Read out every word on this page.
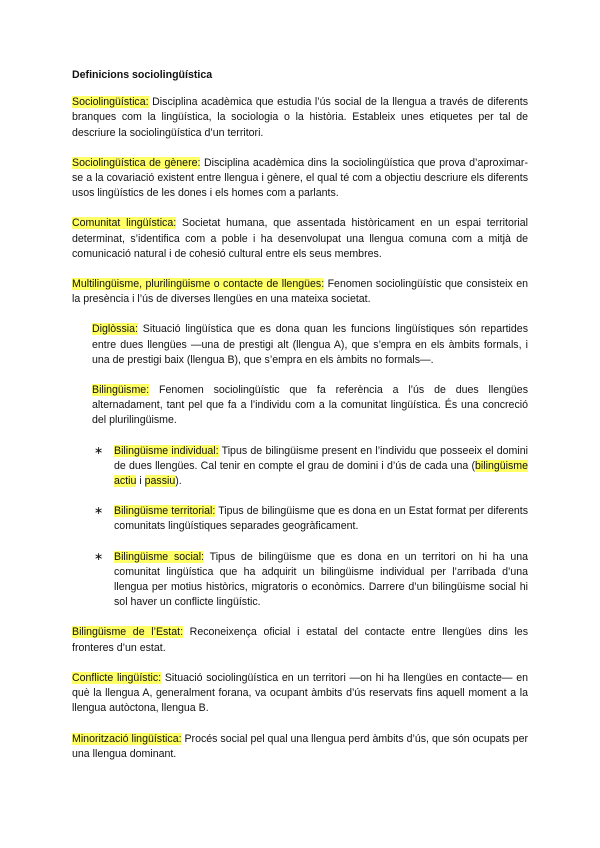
Definicions sociolingüística

Sociolingüística: Disciplina acadèmica que estudia l’ús social de la llengua a través de diferents branques com la lingüística, la sociologia o la història. Estableix unes etiquetes per tal de descriure la sociolingüística d’un territori.

Sociolingüística de gènere: Disciplina acadèmica dins la sociolingüística que prova d’aproximar-se a la covariació existent entre llengua i gènere, el qual té com a objectiu descriure els diferents usos lingüístics de les dones i els homes com a parlants.

Comunitat lingüística: Societat humana, que assentada històricament en un espai territorial determinat, s’identifica com a poble i ha desenvolupat una llengua comuna com a mitjà de comunicació natural i de cohesió cultural entre els seus membres.

Multilingüisme, plurilingüisme o contacte de llengües: Fenomen sociolingüístic que consisteix en la presència i l’ús de diverses llengües en una mateixa societat.

Diglòssia: Situació lingüística que es dona quan les funcions lingüístiques són repartides entre dues llengües —una de prestigi alt (llengua A), que s’empra en els àmbits formals, i una de prestigi baix (llengua B), que s’empra en els àmbits no formals—.

Bilingüisme: Fenomen sociolingüístic que fa referència a l’ús de dues llengües alternadament, tant pel que fa a l’individu com a la comunitat lingüística. És una concreció del plurilingüisme.

∗ Bilingüisme individual: Tipus de bilingüisme present en l’individu que posseeix el domini de dues llengües. Cal tenir en compte el grau de domini i d’ús de cada una (bilingüisme actiu i passiu).
∗ Bilingüisme territorial: Tipus de bilingüisme que es dona en un Estat format per diferents comunitats lingüístiques separades geogràficament.
∗ Bilingüisme social: Tipus de bilingüisme que es dona en un territori on hi ha una comunitat lingüística que ha adquirit un bilingüisme individual per l’arribada d’una llengua per motius històrics, migratoris o econòmics. Darrere d’un bilingüisme social hi sol haver un conflicte lingüístic.

Bilingüisme de l’Estat: Reconeixença oficial i estatal del contacte entre llengües dins les fronteres d’un estat.

Conflicte lingüístic: Situació sociolingüística en un territori —on hi ha llengües en contacte— en què la llengua A, generalment forana, va ocupant àmbits d’ús reservats fins aquell moment a la llengua autòctona, llengua B.

Minorització lingüística: Procés social pel qual una llengua perd àmbits d’ús, que són ocupats per una llengua dominant.
